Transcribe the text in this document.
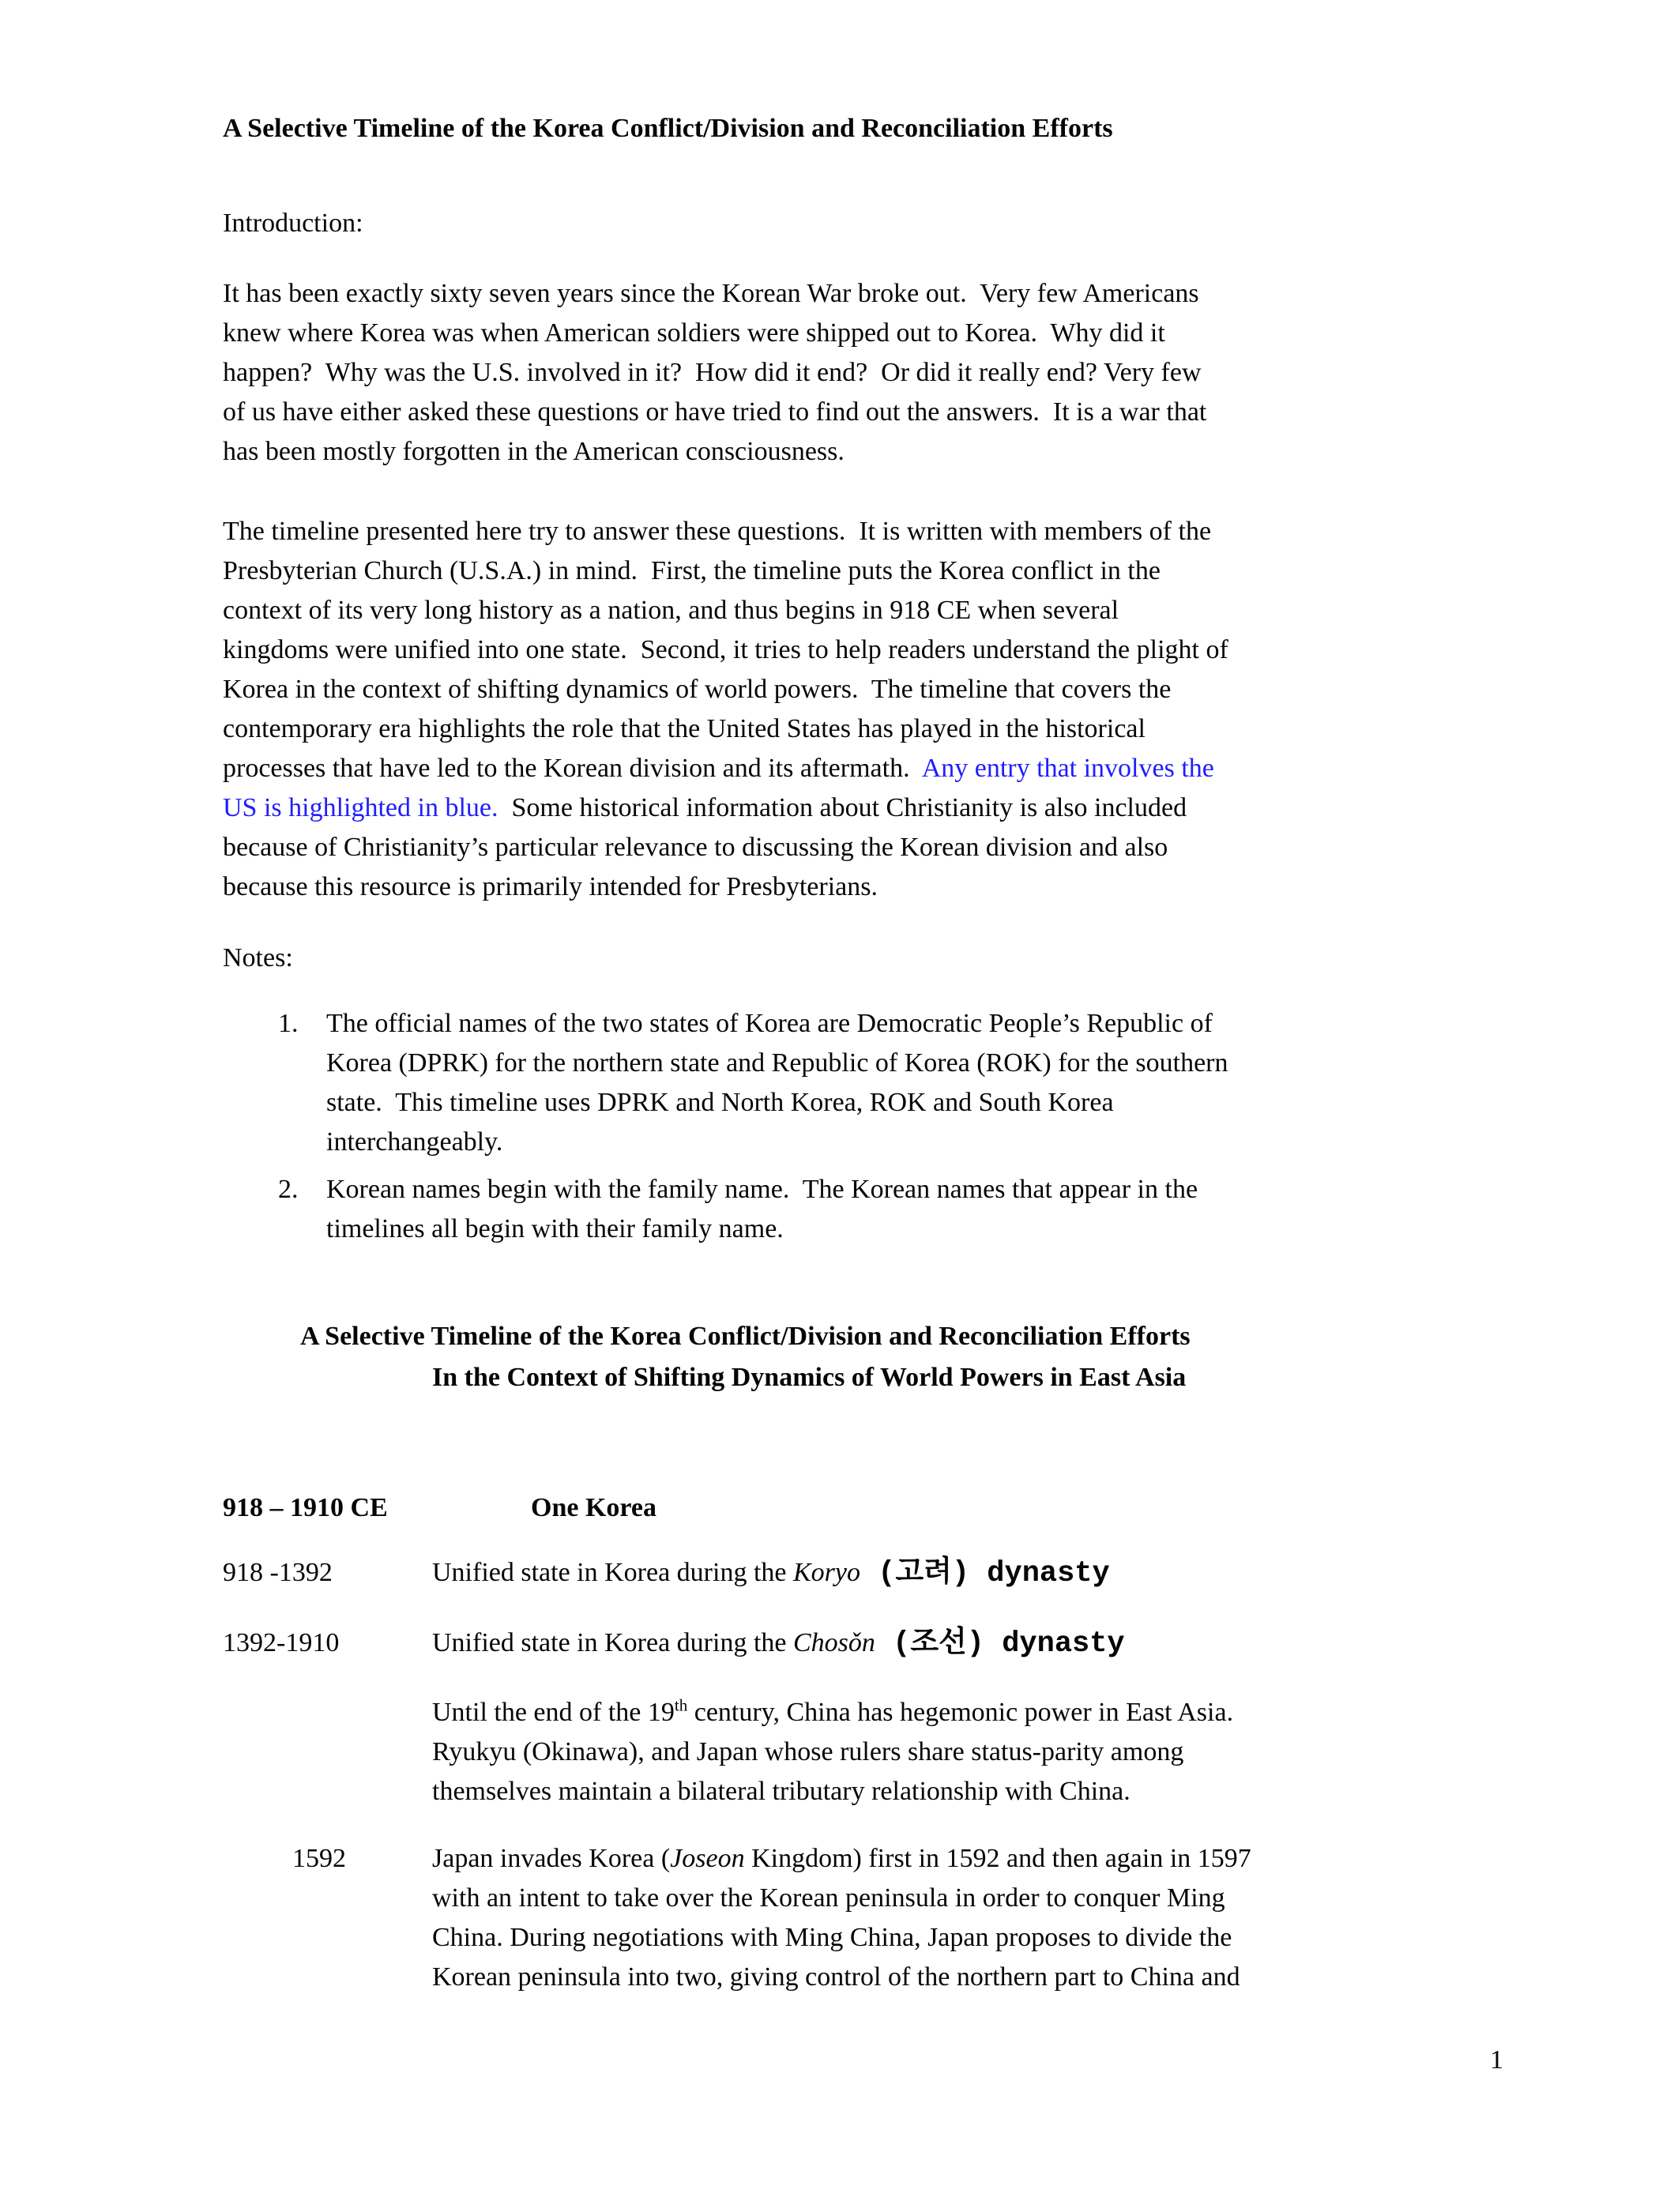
A Selective Timeline of the Korea Conflict/Division and Reconciliation Efforts
Introduction:
It has been exactly sixty seven years since the Korean War broke out.  Very few Americans
knew where Korea was when American soldiers were shipped out to Korea.  Why did it
happen?  Why was the U.S. involved in it?  How did it end?  Or did it really end? Very few
of us have either asked these questions or have tried to find out the answers.  It is a war that
has been mostly forgotten in the American consciousness.
The timeline presented here try to answer these questions.  It is written with members of the
Presbyterian Church (U.S.A.) in mind.  First, the timeline puts the Korea conflict in the
context of its very long history as a nation, and thus begins in 918 CE when several
kingdoms were unified into one state.  Second, it tries to help readers understand the plight of
Korea in the context of shifting dynamics of world powers.  The timeline that covers the
contemporary era highlights the role that the United States has played in the historical
processes that have led to the Korean division and its aftermath.  Any entry that involves the
US is highlighted in blue.  Some historical information about Christianity is also included
because of Christianity’s particular relevance to discussing the Korean division and also
because this resource is primarily intended for Presbyterians.
Notes:
1. The official names of the two states of Korea are Democratic People’s Republic of
Korea (DPRK) for the northern state and Republic of Korea (ROK) for the southern
state.  This timeline uses DPRK and North Korea, ROK and South Korea
interchangeably.
2. Korean names begin with the family name.  The Korean names that appear in the
timelines all begin with their family name.
A Selective Timeline of the Korea Conflict/Division and Reconciliation Efforts
In the Context of Shifting Dynamics of World Powers in East Asia
918 – 1910 CE	One Korea
918 -1392	Unified state in Korea during the Koryo (고려) dynasty
1392-1910	Unified state in Korea during the Chosǒn (조선) dynasty
Until the end of the 19th century, China has hegemonic power in East Asia.
Ryukyu (Okinawa), and Japan whose rulers share status-parity among
themselves maintain a bilateral tributary relationship with China.
1592	Japan invades Korea (Joseon Kingdom) first in 1592 and then again in 1597
with an intent to take over the Korean peninsula in order to conquer Ming
China. During negotiations with Ming China, Japan proposes to divide the
Korean peninsula into two, giving control of the northern part to China and
1
